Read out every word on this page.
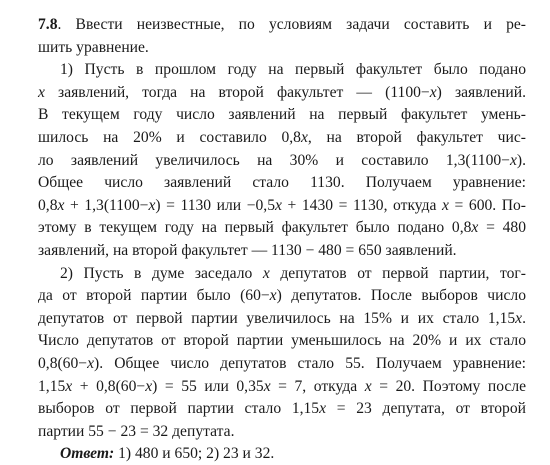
7.8. Ввести неизвестные, по условиям задачи составить и ре-
шить уравнение.
1) Пусть в прошлом году на первый факультет было подано
x заявлений, тогда на второй факультет — (1100−x) заявлений.
В текущем году число заявлений на первый факультет умень-
шилось на 20% и составило 0,8x, на второй факультет чис-
ло заявлений увеличилось на 30% и составило 1,3(1100−x).
Общее число заявлений стало 1130. Получаем уравнение:
0,8x + 1,3(1100−x) = 1130 или −0,5x + 1430 = 1130, откуда x = 600. По-
этому в текущем году на первый факультет было подано 0,8x = 480
заявлений, на второй факультет — 1130 − 480 = 650 заявлений.
2) Пусть в думе заседало x депутатов от первой партии, тог-
да от второй партии было (60−x) депутатов. После выборов число
депутатов от первой партии увеличилось на 15% и их стало 1,15x.
Число депутатов от второй партии уменьшилось на 20% и их стало
0,8(60−x). Общее число депутатов стало 55. Получаем уравнение:
1,15x + 0,8(60−x) = 55 или 0,35x = 7, откуда x = 20. Поэтому после
выборов от первой партии стало 1,15x = 23 депутата, от второй
партии 55 − 23 = 32 депутата.
Ответ: 1) 480 и 650; 2) 23 и 32.
